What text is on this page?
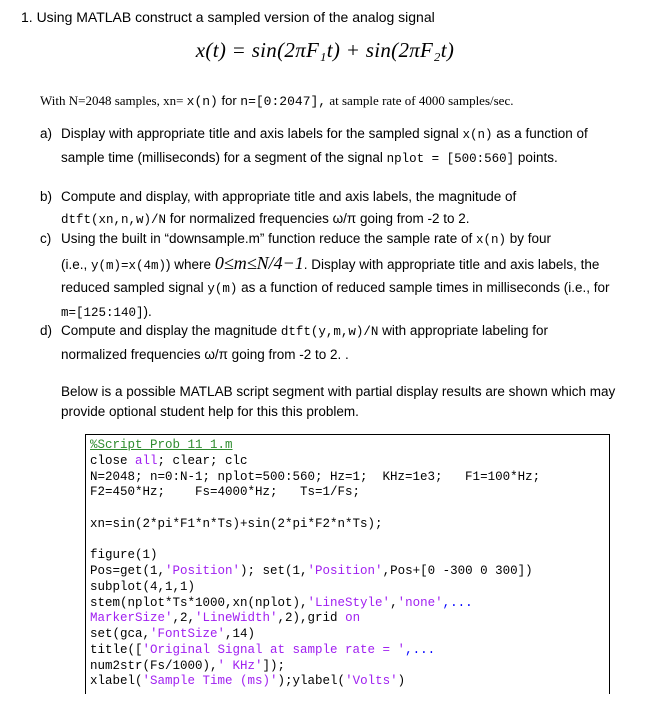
1. Using MATLAB construct a sampled version of the analog signal
x(t) = sin(2πF₁t) + sin(2πF₂t)
With N=2048 samples, xn= x(n) for n=[0:2047], at sample rate of 4000 samples/sec.
a) Display with appropriate title and axis labels for the sampled signal x(n) as a function of sample time (milliseconds) for a segment of the signal nplot = [500:560] points.
b) Compute and display, with appropriate title and axis labels, the magnitude of dtft(xn,n,w)/N for normalized frequencies ω/π going from -2 to 2.
c) Using the built in “downsample.m” function reduce the sample rate of x(n) by four
(i.e., y(m)=x(4m)) where 0≤m≤N/4−1. Display with appropriate title and axis labels, the reduced sampled signal y(m) as a function of reduced sample times in milliseconds (i.e., for m=[125:140]).
d) Compute and display the magnitude dtft(y,m,w)/N with appropriate labeling for normalized frequencies ω/π going from -2 to 2. .
Below is a possible MATLAB script segment with partial display results are shown which may provide optional student help for this this problem.
%Script_Prob_11_1.m
close all; clear; clc
N=2048; n=0:N-1; nplot=500:560; Hz=1;  KHz=1e3;   F1=100*Hz;
F2=450*Hz;    Fs=4000*Hz;   Ts=1/Fs;
xn=sin(2*pi*F1*n*Ts)+sin(2*pi*F2*n*Ts);
figure(1)
Pos=get(1,'Position'); set(1,'Position',Pos+[0 -300 0 300])
subplot(4,1,1)
stem(nplot*Ts*1000,xn(nplot),'LineStyle','none',...
MarkerSize',2,'LineWidth',2),grid on
set(gca,'FontSize',14)
title(['Original Signal at sample rate = ',...
num2str(Fs/1000),' KHz']);
xlabel('Sample Time (ms)');ylabel('Volts')
